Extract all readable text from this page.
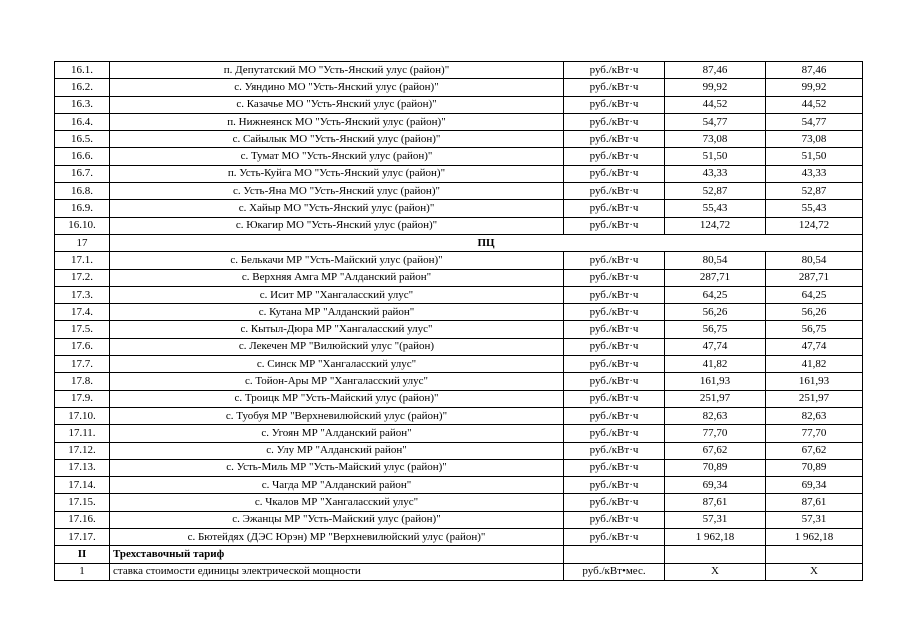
16.1.	п. Депутатский МО "Усть-Янский улус (район)"	руб./кВт·ч	87,46	87,46
16.2.	с. Уяндино МО "Усть-Янский улус (район)"	руб./кВт·ч	99,92	99,92
16.3.	с. Казачье МО "Усть-Янский улус (район)"	руб./кВт·ч	44,52	44,52
16.4.	п. Нижнеянск МО "Усть-Янский улус (район)"	руб./кВт·ч	54,77	54,77
16.5.	с. Сайылык МО "Усть-Янский улус (район)"	руб./кВт·ч	73,08	73,08
16.6.	с. Тумат МО "Усть-Янский улус (район)"	руб./кВт·ч	51,50	51,50
16.7.	п. Усть-Куйга МО "Усть-Янский улус (район)"	руб./кВт·ч	43,33	43,33
16.8.	с. Усть-Яна МО "Усть-Янский улус (район)"	руб./кВт·ч	52,87	52,87
16.9.	с. Хайыр МО "Усть-Янский улус (район)"	руб./кВт·ч	55,43	55,43
16.10.	с. Юкагир МО "Усть-Янский улус (район)"	руб./кВт·ч	124,72	124,72
17	ПЦ			
17.1.	с. Белькачи МР "Усть-Майский улус (район)"	руб./кВт·ч	80,54	80,54
17.2.	с. Верхняя Амга МР "Алданский район"	руб./кВт·ч	287,71	287,71
17.3.	с. Исит МР "Хангаласский улус"	руб./кВт·ч	64,25	64,25
17.4.	с. Кутана МР "Алданский район"	руб./кВт·ч	56,26	56,26
17.5.	с. Кытыл-Дюра МР "Хангаласский улус"	руб./кВт·ч	56,75	56,75
17.6.	с. Лекечен МР "Вилюйский улус "(район)	руб./кВт·ч	47,74	47,74
17.7.	с. Синск МР "Хангаласский улус"	руб./кВт·ч	41,82	41,82
17.8.	с. Тойон-Ары МР "Хангаласский улус"	руб./кВт·ч	161,93	161,93
17.9.	с. Троицк МР "Усть-Майский улус (район)"	руб./кВт·ч	251,97	251,97
17.10.	с. Туобуя МР "Верхневилюйский улус (район)"	руб./кВт·ч	82,63	82,63
17.11.	с. Угоян МР "Алданский район"	руб./кВт·ч	77,70	77,70
17.12.	с. Улу МР "Алданский район"	руб./кВт·ч	67,62	67,62
17.13.	с. Усть-Миль МР "Усть-Майский улус (район)"	руб./кВт·ч	70,89	70,89
17.14.	с. Чагда МР "Алданский район"	руб./кВт·ч	69,34	69,34
17.15.	с. Чкалов МР "Хангаласский улус"	руб./кВт·ч	87,61	87,61
17.16.	с. Эжанцы МР "Усть-Майский улус (район)"	руб./кВт·ч	57,31	57,31
17.17.	с. Бютейдях (ДЭС Юрэн) МР "Верхневилюйский улус (район)"	руб./кВт·ч	1 962,18	1 962,18
II	Трехставочный тариф			
1	ставка стоимости единицы электрической мощности	руб./кВт•мес.	Х	Х
